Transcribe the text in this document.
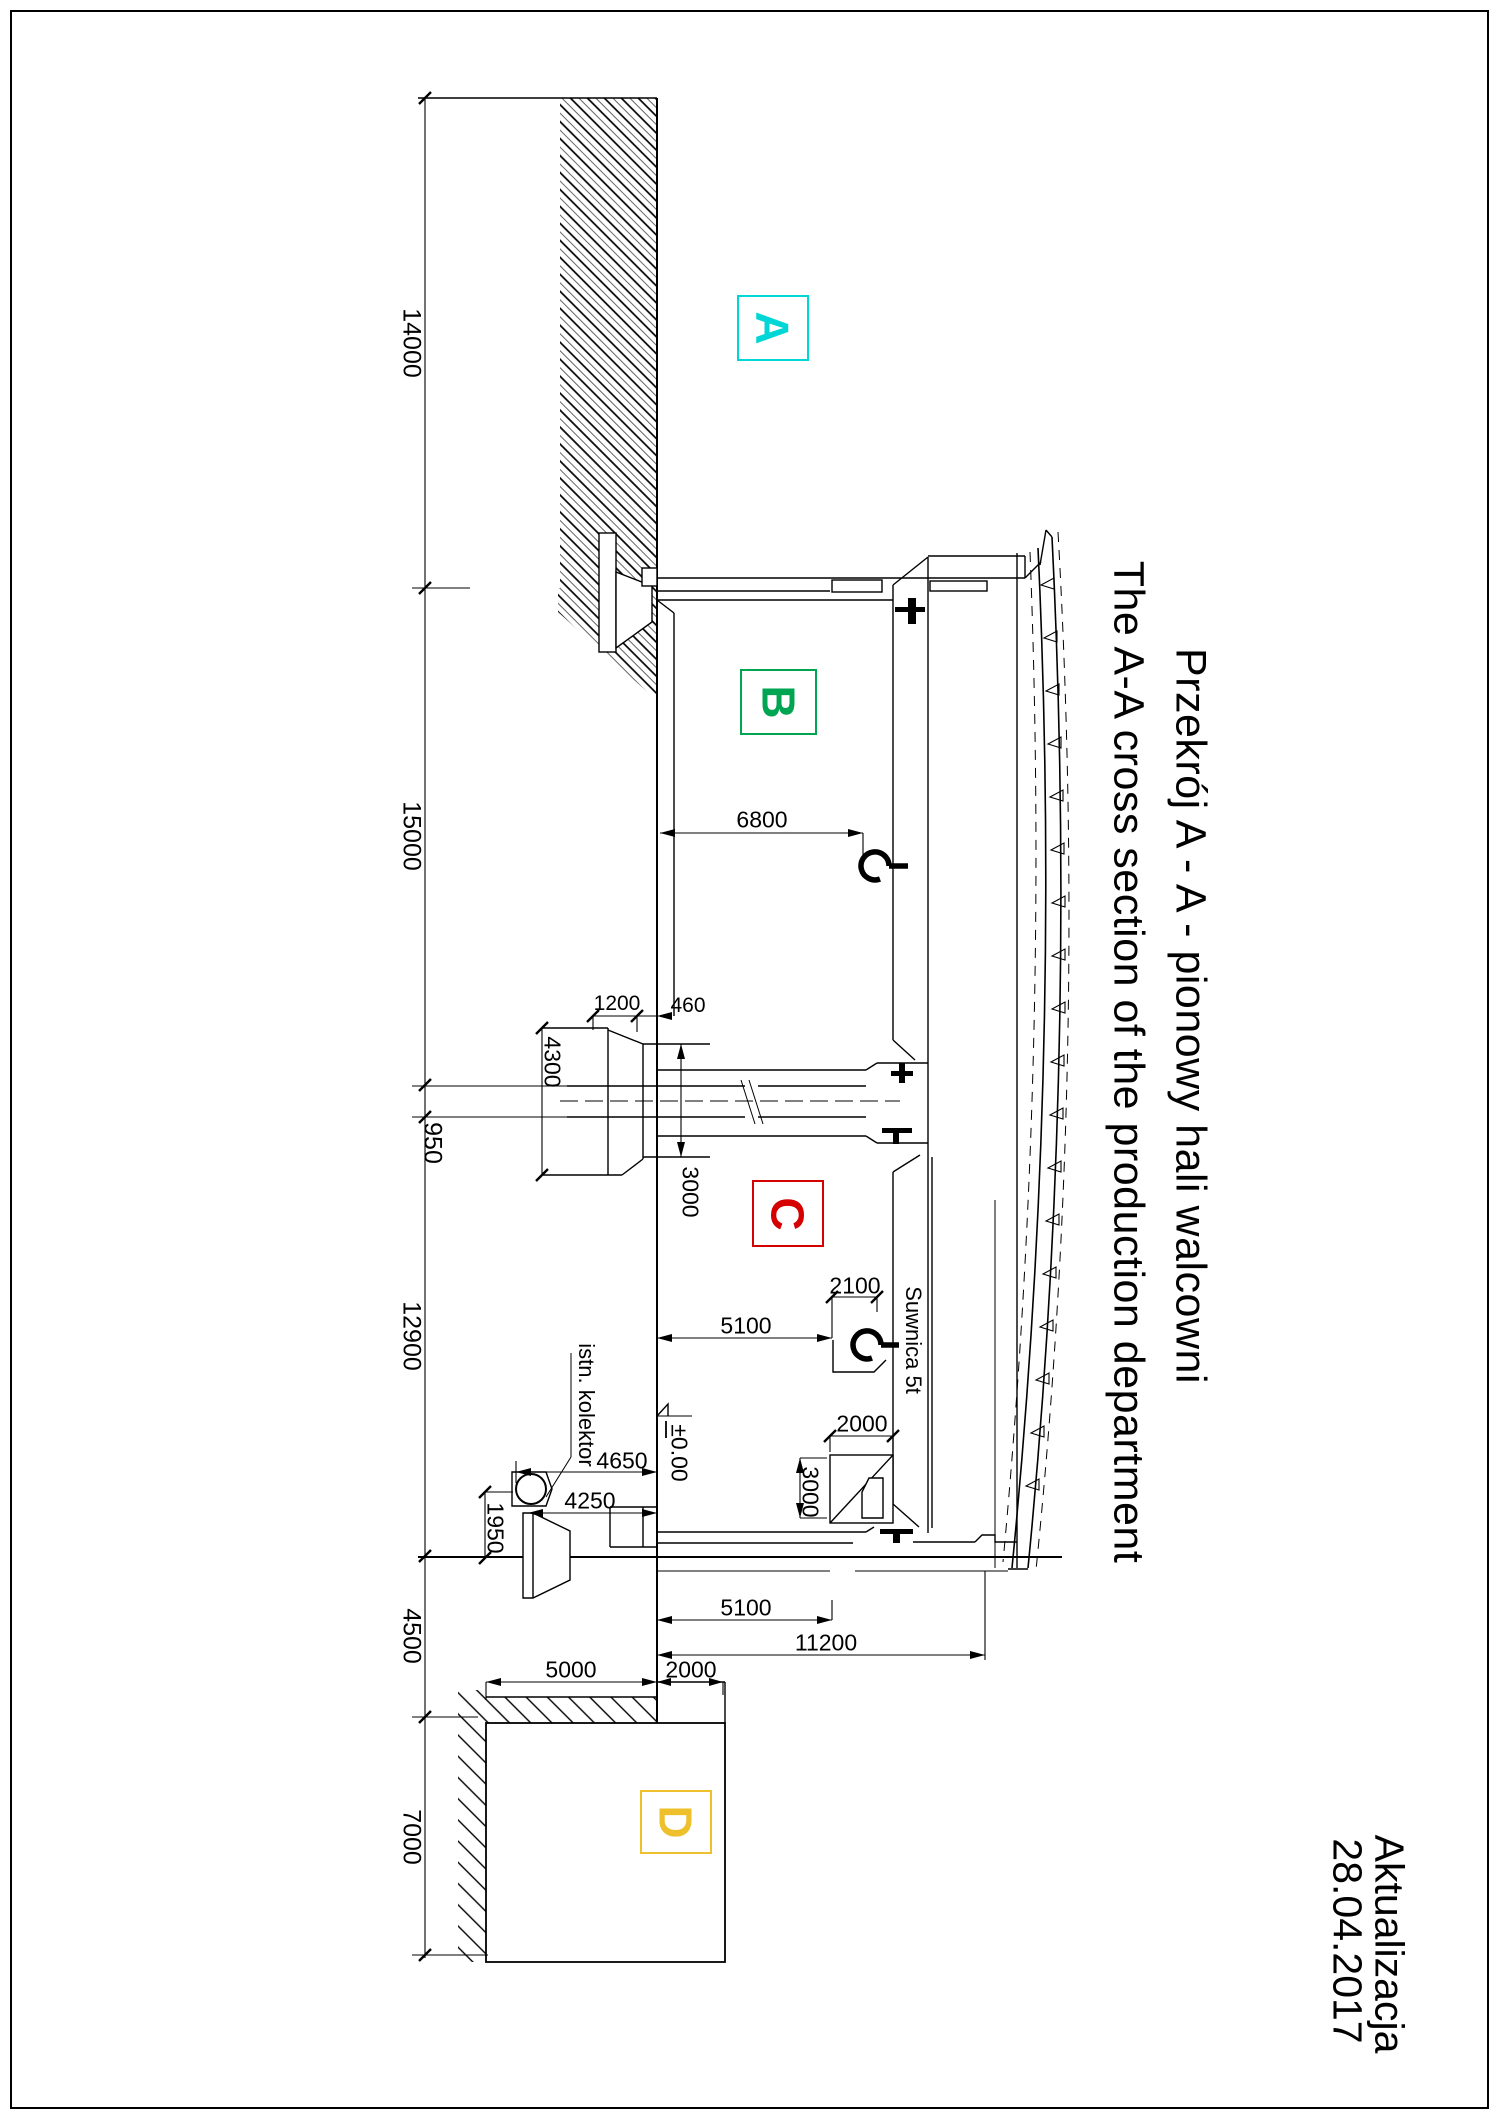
A
B
C
D
14000
15000
950
12900
4500
7000
6800
1200 460
4300
3000
2100
5100
2000
3000
4650
4250
1950
±0.00
5100
11200
5000	2000
istn. kolektor
Suwnica 5t	Przekrój A - A - pionowy hali walcowni
The A-A cross section of the production department
Aktualizacja
28.04.2017
